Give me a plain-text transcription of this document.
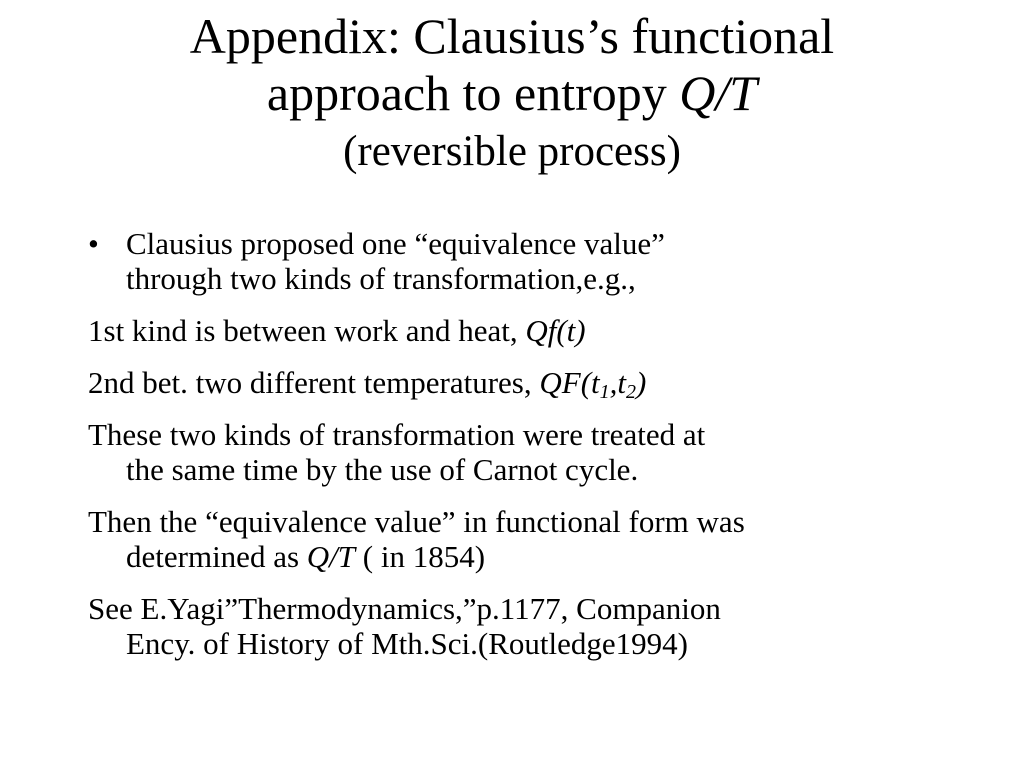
Appendix: Clausius’s functional
approach to entropy Q/T
(reversible process)
• Clausius proposed one “equivalence value”
through two kinds of transformation,e.g.,
1st kind is between work and heat, Qf(t)
2nd bet. two different temperatures, $QF(t_1,t_2)$
These two kinds of transformation were treated at
the same time by the use of Carnot cycle.
Then the “equivalence value” in functional form was
determined as Q/T ( in 1854)
See E.Yagi”Thermodynamics,”p.1177, Companion
Ency. of History of Mth.Sci.(Routledge1994)
